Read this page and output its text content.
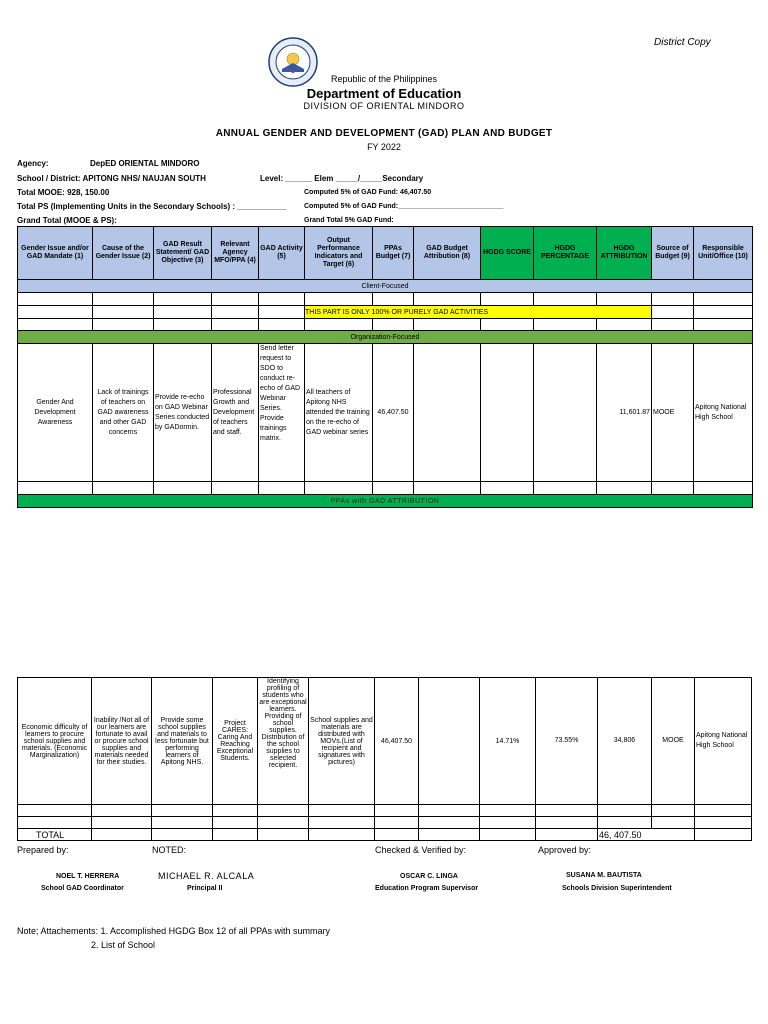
District Copy
Republic of the Philippines
Department of Education
DIVISION OF ORIENTAL MINDORO
ANNUAL GENDER AND DEVELOPMENT (GAD) PLAN AND BUDGET
FY 2022
Agency:	DepED ORIENTAL MINDORO
School / District: APITONG NHS/ NAUJAN SOUTH	Level: ______ Elem _____/_____Secondary
Total MOOE: 928, 150.00	Computed 5% of GAD Fund: 46,407.50
Total PS (Implementing Units in the Secondary Schools) : ___________	Computed 5% of GAD Fund:___________________________
Grand Total (MOOE & PS):	Grand Total 5% GAD Fund:
Gender Issue and/or GAD Mandate (1)	Cause of the Gender Issue (2)	GAD Result Statement/ GAD Objective (3)	Relevant Agency MFO/PPA (4)	GAD Activity (5)	Output Performance Indicators and Target (6)	PPAs Budget (7)	GAD Budget Attribution (8)	HGDG SCORE	HGDG PERCENTAGE	HGDG ATTRIBUTION	Source of Budget (9)	Responsible Unit/Office (10)
Client-Focused												

					THIS PART IS ONLY 100% OR PURELY GAD ACTIVITIES							

Organization-Focused												
Gender And Development Awareness	Lack of trainings of teachers on GAD awareness and other GAD concerns	Provide re-echo on GAD Webinar Series conducted by GADormin.	Professional Growth and Development of teachers and staff.	Send letter request to SDO to conduct re-echo of GAD Webinar Series. Provide trainings matrix.	All teachers of Apitong NHS attended the training on the re-echo of GAD webinar series	46,407.50				11,601.87	MOOE	Apitong National High School

PPAs with GAD ATTRIBUTION												
Economic difficulty of learners to procure school supplies and materials. (Economic Marginalization)	Inability /Not all of our learners are fortunate to avail or procure school supplies and materials needed for their studies.	Provide some school supplies and materials to less fortunate but performing learners of Apitong NHS.	Project CARES: Caring And Reaching Exceptional Students.	Identifying profiling of students who are exceptional learners. Providing of school supplies. Distribution of the school supplies to selected recipient.	School supplies and materials are distributed with MOVs.(List of recipient and signatures with pictures)	46,407.50		14.71%	73.55%	34,806	MOOE	Apitong National High School

TOTAL										46, 407.50		
Prepared by:	NOTED:	Checked & Verified by:	Approved by:
NOEL T. HERRERA
School GAD Coordinator
MICHAEL R. ALCALA
Principal II
OSCAR C. LINGA
Education Program Supervisor
SUSANA M. BAUTISTA
Schools Division Superintendent
Note; Attachements: 1. Accomplished HGDG Box 12 of all PPAs with summary
2. List of School
